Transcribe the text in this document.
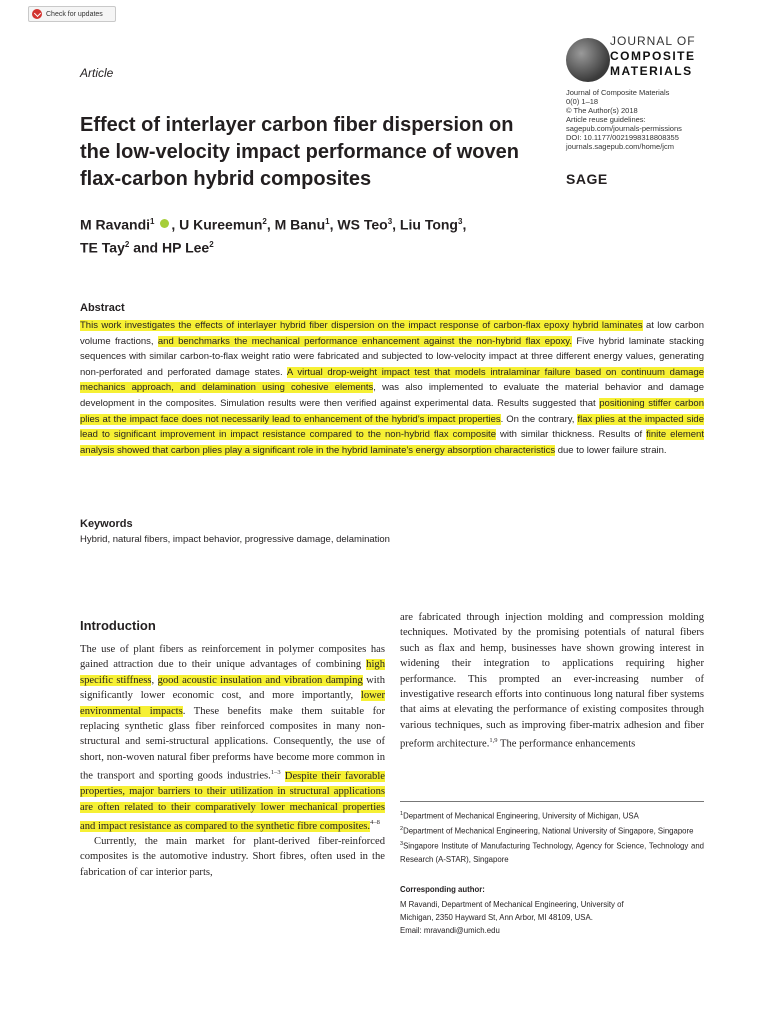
Check for updates
Article
JOURNAL OF
COMPOSITE
MATERIALS
Journal of Composite Materials
0(0) 1–18
© The Author(s) 2018
Article reuse guidelines:
sagepub.com/journals-permissions
DOI: 10.1177/0021998318808355
journals.sagepub.com/home/jcm
SAGE
Effect of interlayer carbon fiber dispersion on the low-velocity impact performance of woven flax-carbon hybrid composites
M Ravandi$^1$ , U Kureemun$^2$, M Banu$^1$, WS Teo$^3$, Liu Tong$^3$,
TE Tay$^2$ and HP Lee$^2$
Abstract
This work investigates the effects of interlayer hybrid fiber dispersion on the impact response of carbon-flax epoxy hybrid laminates at low carbon volume fractions, and benchmarks the mechanical performance enhancement against the non-hybrid flax epoxy. Five hybrid laminate stacking sequences with similar carbon-to-flax weight ratio were fabricated and subjected to low-velocity impact at three different energy values, generating non-perforated and perforated damage states. A virtual drop-weight impact test that models intralaminar failure based on continuum damage mechanics approach, and delamination using cohesive elements, was also implemented to evaluate the material behavior and damage development in the composites. Simulation results were then verified against experimental data. Results suggested that positioning stiffer carbon plies at the impact face does not necessarily lead to enhancement of the hybrid’s impact properties. On the contrary, flax plies at the impacted side lead to significant improvement in impact resistance compared to the non-hybrid flax composite with similar thickness. Results of finite element analysis showed that carbon plies play a significant role in the hybrid laminate’s energy absorption characteristics due to lower failure strain.
Keywords
Hybrid, natural fibers, impact behavior, progressive damage, delamination
Introduction

The use of plant fibers as reinforcement in polymer composites has gained attraction due to their unique advantages of combining high specific stiffness, good acoustic insulation and vibration damping with significantly lower economic cost, and more importantly, lower environmental impacts. These benefits make them suitable for replacing synthetic glass fiber reinforced composites in many non-structural and semi-structural applications. Consequently, the use of short, non-woven natural fiber preforms have become more common in the transport and sporting goods industries.$^{1-3}$ Despite their favorable properties, major barriers to their utilization in structural applications are often related to their comparatively lower mechanical properties and impact resistance as compared to the synthetic fibre composites.$^{4-8}$

Currently, the main market for plant-derived fiber-reinforced composites is the automotive industry. Short fibres, often used in the fabrication of car interior parts,

are fabricated through injection molding and compression molding techniques. Motivated by the promising potentials of natural fibers such as flax and hemp, businesses have shown growing interest in widening their integration to applications requiring higher performance. This prompted an ever-increasing number of investigative research efforts into continuous long natural fiber systems that aims at elevating the performance of existing composites through various techniques, such as improving fiber-matrix adhesion and fiber preform architecture.$^{1,9}$ The performance enhancements
$^1$Department of Mechanical Engineering, University of Michigan, USA
$^2$Department of Mechanical Engineering, National University of Singapore, Singapore
$^3$Singapore Institute of Manufacturing Technology, Agency for Science, Technology and Research (A-STAR), Singapore
Corresponding author:
M Ravandi, Department of Mechanical Engineering, University of
Michigan, 2350 Hayward St, Ann Arbor, MI 48109, USA.
Email: mravandi@umich.edu
